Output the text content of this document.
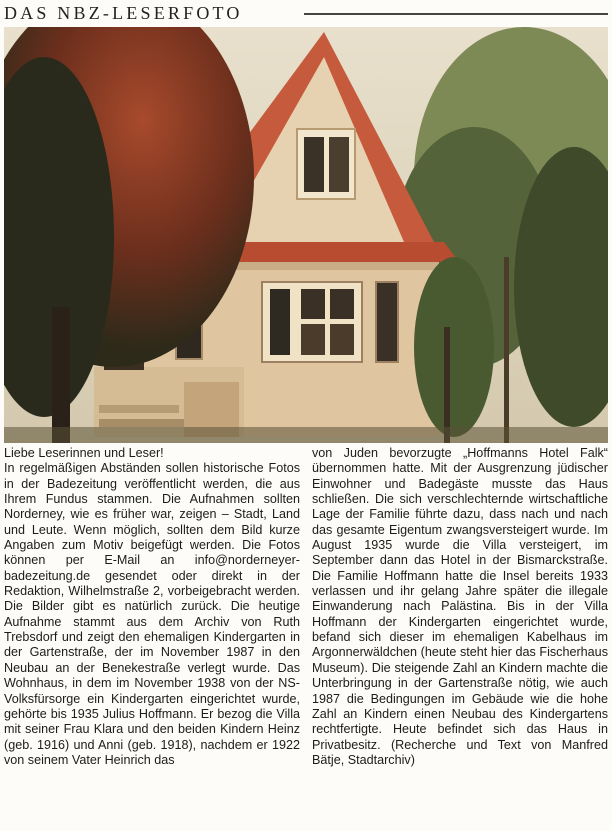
DAS NBZ-LESERFOTO

Liebe Leserinnen und Leser!

In regelmäßigen Abständen sollen historische Fotos in der Badezeitung veröffentlicht werden, die aus Ihrem Fundus stammen. Die Aufnahmen sollten Norderney, wie es früher war, zeigen – Stadt, Land und Leute. Wenn möglich, sollten dem Bild kurze Angaben zum Motiv beigefügt werden. Die Fotos können per E-Mail an info@norderneyer-badezeitung.de gesendet oder direkt in der Redaktion, Wilhelmstraße 2, vorbeigebracht werden. Die Bilder gibt es natürlich zurück. Die heutige Aufnahme stammt aus dem Archiv von Ruth Trebsdorf und zeigt den ehemaligen Kindergarten in der Gartenstraße, der im November 1987 in den Neubau an der Benekestraße verlegt wurde. Das Wohnhaus, in dem im November 1938 von der NS-Volksfürsorge ein Kindergarten eingerichtet wurde, gehörte bis 1935 Julius Hoffmann. Er bezog die Villa mit seiner Frau Klara und den beiden Kindern Heinz (geb. 1916) und Anni (geb. 1918), nachdem er 1922 von seinem Vater Heinrich das

von Juden bevorzugte „Hoffmanns Hotel Falk“ übernommen hatte. Mit der Ausgrenzung jüdischer Einwohner und Badegäste musste das Haus schließen. Die sich verschlechternde wirtschaftliche Lage der Familie führte dazu, dass nach und nach das gesamte Eigentum zwangsversteigert wurde. Im August 1935 wurde die Villa versteigert, im September dann das Hotel in der Bismarckstraße. Die Familie Hoffmann hatte die Insel bereits 1933 verlassen und ihr gelang Jahre später die illegale Einwanderung nach Palästina. Bis in der Villa Hoffmann der Kindergarten eingerichtet wurde, befand sich dieser im ehemaligen Kabelhaus im Argonnerwäldchen (heute steht hier das Fischerhaus Museum). Die steigende Zahl an Kindern machte die Unterbringung in der Gartenstraße nötig, wie auch 1987 die Bedingungen im Gebäude wie die hohe Zahl an Kindern einen Neubau des Kindergartens rechtfertigte. Heute befindet sich das Haus in Privatbesitz. (Recherche und Text von Manfred Bätje, Stadtarchiv)
